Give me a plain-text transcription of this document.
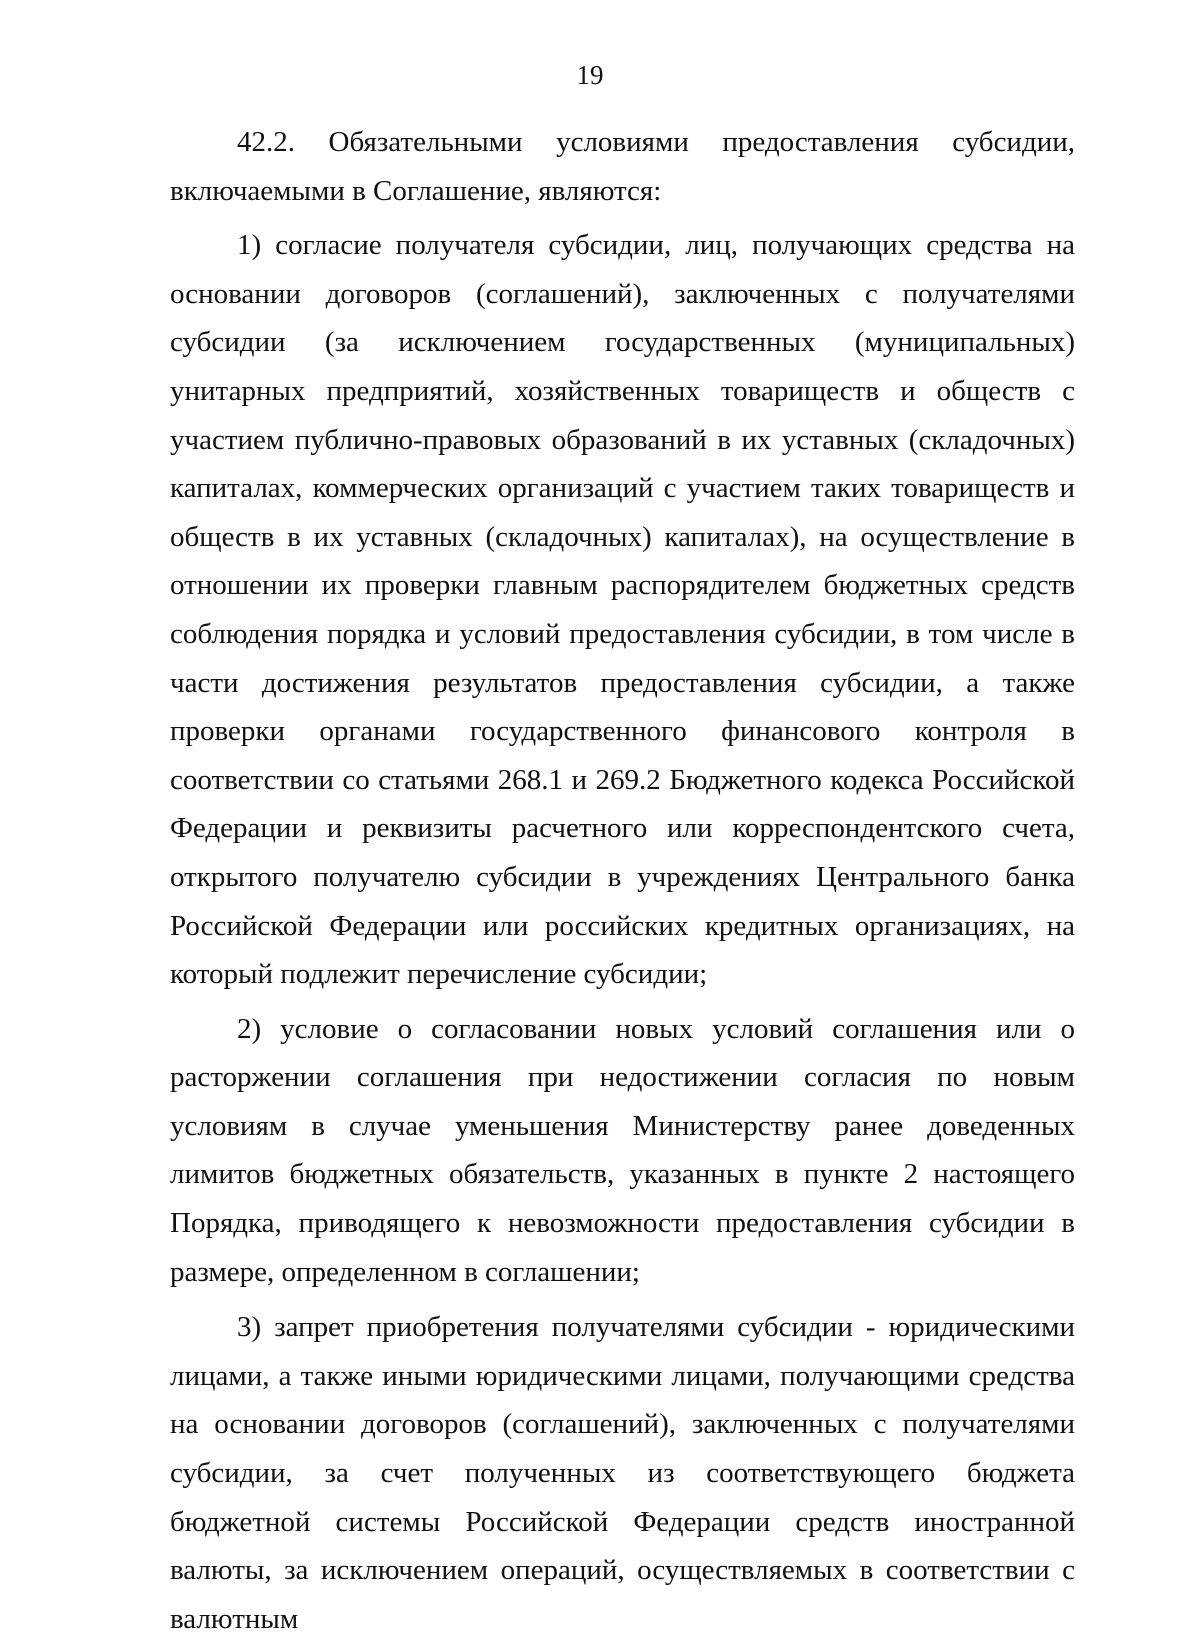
19

42.2. Обязательными условиями предоставления субсидии, включаемыми в Соглашение, являются:

1) согласие получателя субсидии, лиц, получающих средства на основании договоров (соглашений), заключенных с получателями субсидии (за исключением государственных (муниципальных) унитарных предприятий, хозяйственных товариществ и обществ с участием публично-правовых образований в их уставных (складочных) капиталах, коммерческих организаций с участием таких товариществ и обществ в их уставных (складочных) капиталах), на осуществление в отношении их проверки главным распорядителем бюджетных средств соблюдения порядка и условий предоставления субсидии, в том числе в части достижения результатов предоставления субсидии, а также проверки органами государственного финансового контроля в соответствии со статьями 268.1 и 269.2 Бюджетного кодекса Российской Федерации и реквизиты расчетного или корреспондентского счета, открытого получателю субсидии в учреждениях Центрального банка Российской Федерации или российских кредитных организациях, на который подлежит перечисление субсидии;

2) условие о согласовании новых условий соглашения или о расторжении соглашения при недостижении согласия по новым условиям в случае уменьшения Министерству ранее доведенных лимитов бюджетных обязательств, указанных в пункте 2 настоящего Порядка, приводящего к невозможности предоставления субсидии в размере, определенном в соглашении;

3) запрет приобретения получателями субсидии - юридическими лицами, а также иными юридическими лицами, получающими средства на основании договоров (соглашений), заключенных с получателями субсидии, за счет полученных из соответствующего бюджета бюджетной системы Российской Федерации средств иностранной валюты, за исключением операций, осуществляемых в соответствии с валютным
